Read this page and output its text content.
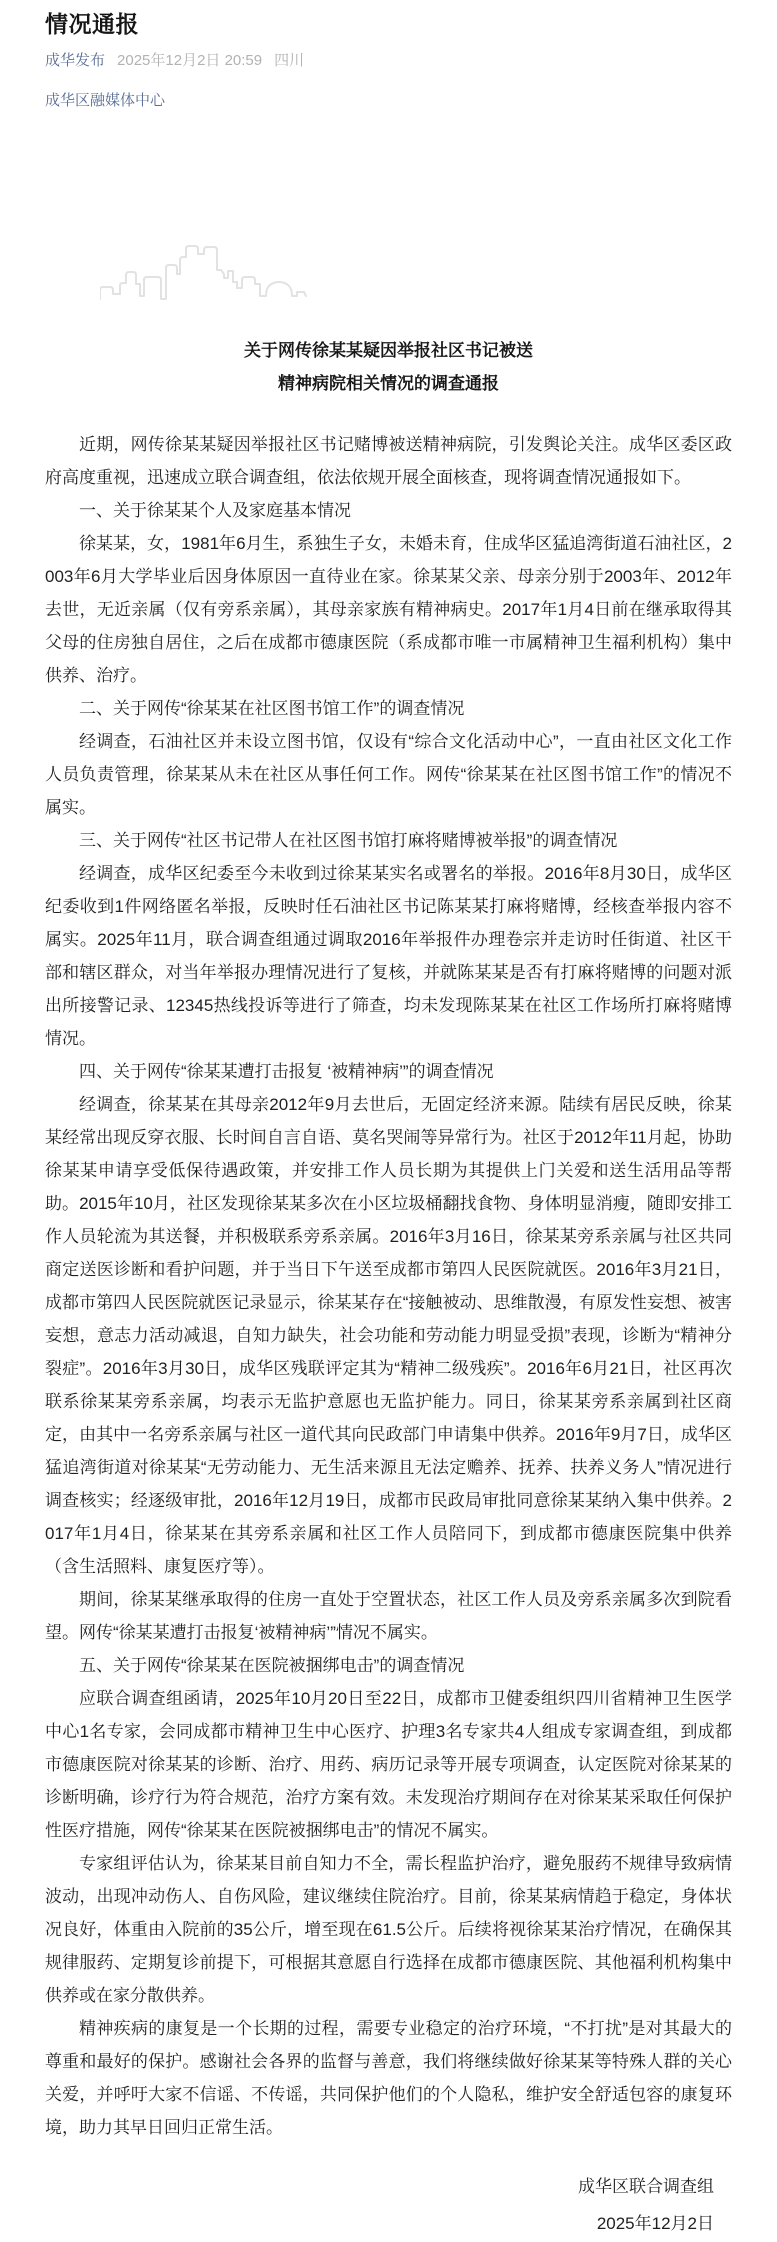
情况通报
成华发布 2025年12月2日 20:59 四川
成华区融媒体中心
关于网传徐某某疑因举报社区书记被送
精神病院相关情况的调查通报

近期，网传徐某某疑因举报社区书记赌博被送精神病院，引发舆论关注。成华区委区政府高度重视，迅速成立联合调查组，依法依规开展全面核查，现将调查情况通报如下。

一、关于徐某某个人及家庭基本情况

徐某某，女，1981年6月生，系独生子女，未婚未育，住成华区猛追湾街道石油社区，2003年6月大学毕业后因身体原因一直待业在家。徐某某父亲、母亲分别于2003年、2012年去世，无近亲属（仅有旁系亲属），其母亲家族有精神病史。2017年1月4日前在继承取得其父母的住房独自居住，之后在成都市德康医院（系成都市唯一市属精神卫生福利机构）集中供养、治疗。

二、关于网传“徐某某在社区图书馆工作”的调查情况

经调查，石油社区并未设立图书馆，仅设有“综合文化活动中心”，一直由社区文化工作人员负责管理，徐某某从未在社区从事任何工作。网传“徐某某在社区图书馆工作”的情况不属实。

三、关于网传“社区书记带人在社区图书馆打麻将赌博被举报”的调查情况

经调查，成华区纪委至今未收到过徐某某实名或署名的举报。2016年8月30日，成华区纪委收到1件网络匿名举报，反映时任石油社区书记陈某某打麻将赌博，经核查举报内容不属实。2025年11月，联合调查组通过调取2016年举报件办理卷宗并走访时任街道、社区干部和辖区群众，对当年举报办理情况进行了复核，并就陈某某是否有打麻将赌博的问题对派出所接警记录、12345热线投诉等进行了筛查，均未发现陈某某在社区工作场所打麻将赌博情况。

四、关于网传“徐某某遭打击报复 ‘被精神病’”的调查情况

经调查，徐某某在其母亲2012年9月去世后，无固定经济来源。陆续有居民反映，徐某某经常出现反穿衣服、长时间自言自语、莫名哭闹等异常行为。社区于2012年11月起，协助徐某某申请享受低保待遇政策，并安排工作人员长期为其提供上门关爱和送生活用品等帮助。2015年10月，社区发现徐某某多次在小区垃圾桶翻找食物、身体明显消瘦，随即安排工作人员轮流为其送餐，并积极联系旁系亲属。2016年3月16日，徐某某旁系亲属与社区共同商定送医诊断和看护问题，并于当日下午送至成都市第四人民医院就医。2016年3月21日，成都市第四人民医院就医记录显示，徐某某存在“接触被动、思维散漫，有原发性妄想、被害妄想，意志力活动减退，自知力缺失，社会功能和劳动能力明显受损”表现，诊断为“精神分裂症”。2016年3月30日，成华区残联评定其为“精神二级残疾”。2016年6月21日，社区再次联系徐某某旁系亲属，均表示无监护意愿也无监护能力。同日，徐某某旁系亲属到社区商定，由其中一名旁系亲属与社区一道代其向民政部门申请集中供养。2016年9月7日，成华区猛追湾街道对徐某某“无劳动能力、无生活来源且无法定赡养、抚养、扶养义务人”情况进行调查核实；经逐级审批，2016年12月19日，成都市民政局审批同意徐某某纳入集中供养。2017年1月4日，徐某某在其旁系亲属和社区工作人员陪同下，到成都市德康医院集中供养（含生活照料、康复医疗等）。

期间，徐某某继承取得的住房一直处于空置状态，社区工作人员及旁系亲属多次到院看望。网传“徐某某遭打击报复‘被精神病’”情况不属实。

五、关于网传“徐某某在医院被捆绑电击”的调查情况

应联合调查组函请，2025年10月20日至22日，成都市卫健委组织四川省精神卫生医学中心1名专家，会同成都市精神卫生中心医疗、护理3名专家共4人组成专家调查组，到成都市德康医院对徐某某的诊断、治疗、用药、病历记录等开展专项调查，认定医院对徐某某的诊断明确，诊疗行为符合规范，治疗方案有效。未发现治疗期间存在对徐某某采取任何保护性医疗措施，网传“徐某某在医院被捆绑电击”的情况不属实。

专家组评估认为，徐某某目前自知力不全，需长程监护治疗，避免服药不规律导致病情波动，出现冲动伤人、自伤风险，建议继续住院治疗。目前，徐某某病情趋于稳定，身体状况良好，体重由入院前的35公斤，增至现在61.5公斤。后续将视徐某某治疗情况，在确保其规律服药、定期复诊前提下，可根据其意愿自行选择在成都市德康医院、其他福利机构集中供养或在家分散供养。

精神疾病的康复是一个长期的过程，需要专业稳定的治疗环境，“不打扰”是对其最大的尊重和最好的保护。感谢社会各界的监督与善意，我们将继续做好徐某某等特殊人群的关心关爱，并呼吁大家不信谣、不传谣，共同保护他们的个人隐私，维护安全舒适包容的康复环境，助力其早日回归正常生活。

成华区联合调查组
2025年12月2日
